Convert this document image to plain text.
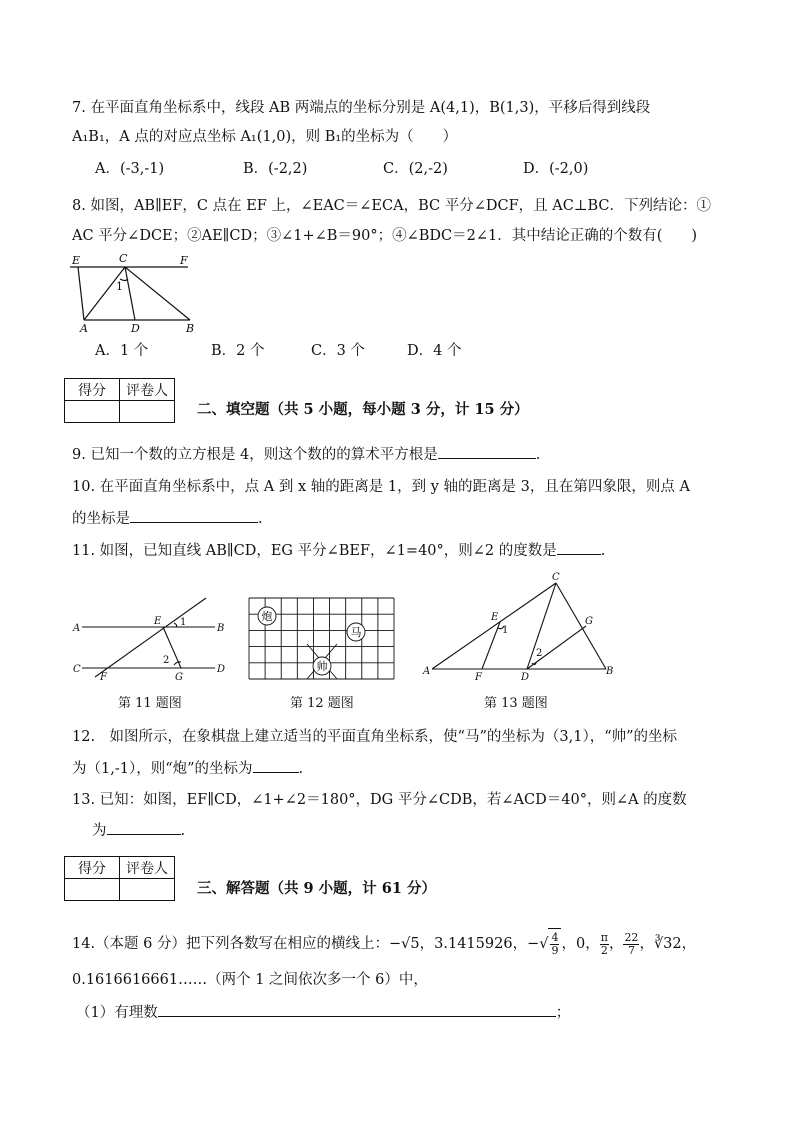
7. 在平面直角坐标系中，线段 AB 两端点的坐标分别是 A(4,1)，B(1,3)，平移后得到线段
A₁B₁，A 点的对应点坐标 A₁(1,0)，则 B₁的坐标为（　　）
A．(-3,-1)	B．(-2,2)	C．(2,-2)	D．(-2,0)
8. 如图，AB∥EF，C 点在 EF 上，∠EAC＝∠ECA，BC 平分∠DCF，且 AC⊥BC．下列结论：①
AC 平分∠DCE；②AE∥CD；③∠1+∠B＝90°；④∠BDC＝2∠1．其中结论正确的个数有(　　)
E	C	F
1
A	D	B
A．1 个	B．2 个	C．3 个	D．4 个
得分	评卷人

二、填空题（共 5 小题，每小题 3 分，计 15 分）
9. 已知一个数的立方根是 4，则这个数的的算术平方根是	.
10. 在平面直角坐标系中，点 A 到 x 轴的距离是 1，到 y 轴的距离是 3，且在第四象限，则点 A
的坐标是	.
11. 如图，已知直线 AB∥CD，EG 平分∠BEF，∠1=40°，则∠2 的度数是	.
A	B
C	D
E
F	G
1
2
第 11 题图
炮
马
帅
第 12 题图
A	B
C
D
E
F
G
1
2
第 13 题图
12.　如图所示，在象棋盘上建立适当的平面直角坐标系，使“马”的坐标为（3,1），“帅”的坐标
为（1,-1），则“炮”的坐标为	.
13. 已知：如图，EF∥CD，∠1+∠2＝180°，DG 平分∠CDB，若∠ACD＝40°，则∠A 的度数
为	.
得分	评卷人

三、解答题（共 9 小题，计 61 分）
14.（本题 6 分）把下列各数写在相应的横线上：−√5，3.1415926，−√ $\frac{4}{9}$ ，0， $\frac{\pi}{2}$ ， $\frac{22}{7}$ ，∛32，
0.1616616661……（两个 1 之间依次多一个 6）中，
（1）有理数	；
